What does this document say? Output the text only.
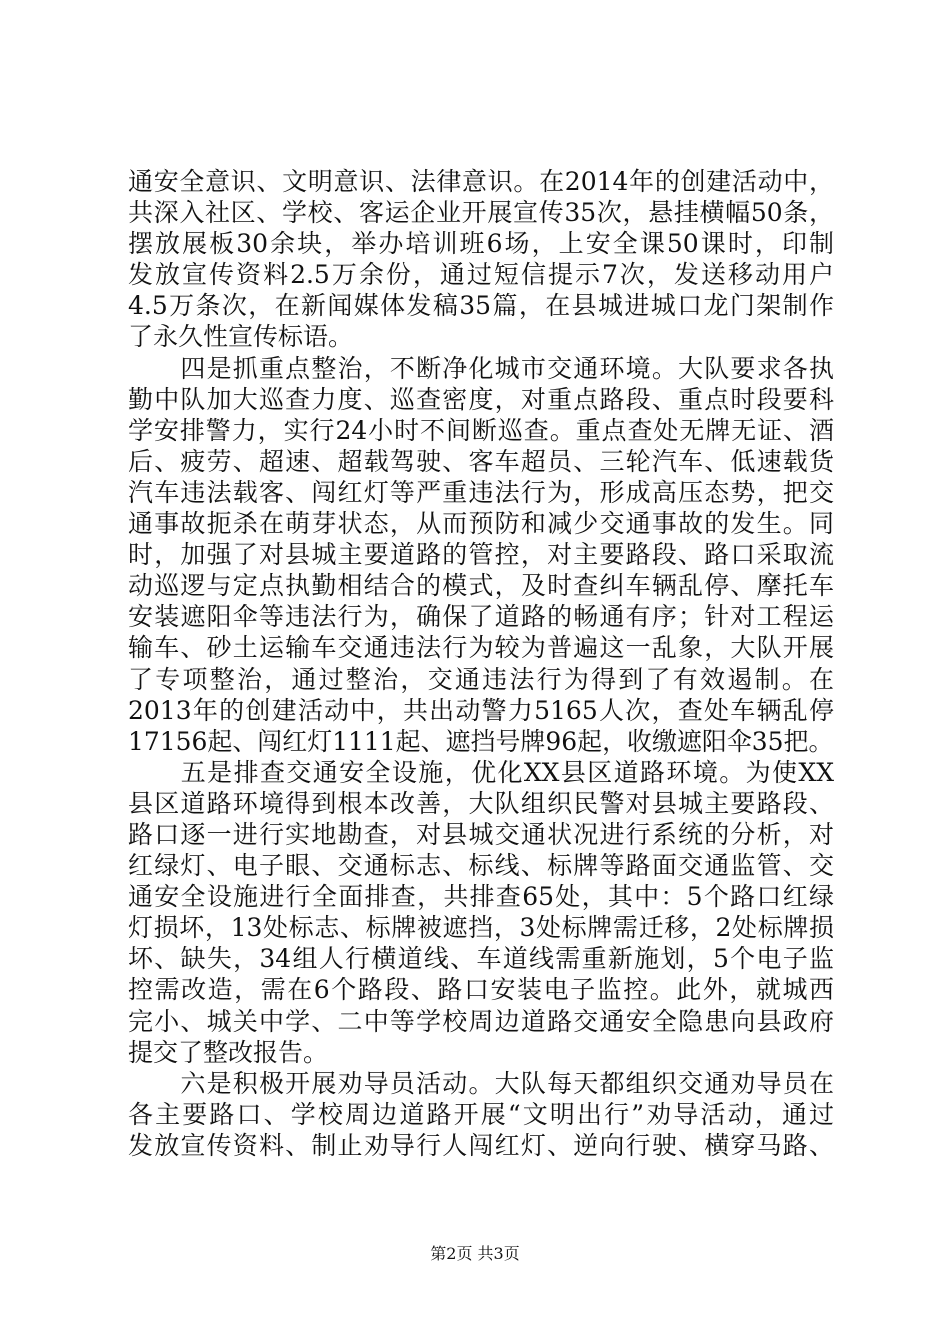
通安全意识、文明意识、法律意识。在2014年的创建活动中，
共深入社区、学校、客运企业开展宣传35次，悬挂横幅50条，
摆放展板30余块，举办培训班6场，上安全课50课时，印制
发放宣传资料2.5万余份，通过短信提示7次，发送移动用户
4.5万条次，在新闻媒体发稿35篇，在县城进城口龙门架制作
了永久性宣传标语。
　　四是抓重点整治，不断净化城市交通环境。大队要求各执
勤中队加大巡查力度、巡查密度，对重点路段、重点时段要科
学安排警力，实行24小时不间断巡查。重点查处无牌无证、酒
后、疲劳、超速、超载驾驶、客车超员、三轮汽车、低速载货
汽车违法载客、闯红灯等严重违法行为，形成高压态势，把交
通事故扼杀在萌芽状态，从而预防和减少交通事故的发生。同
时，加强了对县城主要道路的管控，对主要路段、路口采取流
动巡逻与定点执勤相结合的模式，及时查纠车辆乱停、摩托车
安装遮阳伞等违法行为，确保了道路的畅通有序；针对工程运
输车、砂土运输车交通违法行为较为普遍这一乱象，大队开展
了专项整治，通过整治，交通违法行为得到了有效遏制。在
2013年的创建活动中，共出动警力5165人次，查处车辆乱停
17156起、闯红灯1111起、遮挡号牌96起，收缴遮阳伞35把。
　　五是排查交通安全设施，优化XX县区道路环境。为使XX
县区道路环境得到根本改善，大队组织民警对县城主要路段、
路口逐一进行实地勘查，对县城交通状况进行系统的分析，对
红绿灯、电子眼、交通标志、标线、标牌等路面交通监管、交
通安全设施进行全面排查，共排查65处，其中：5个路口红绿
灯损坏，13处标志、标牌被遮挡，3处标牌需迁移，2处标牌损
坏、缺失，34组人行横道线、车道线需重新施划，5个电子监
控需改造，需在6个路段、路口安装电子监控。此外，就城西
完小、城关中学、二中等学校周边道路交通安全隐患向县政府
提交了整改报告。
　　六是积极开展劝导员活动。大队每天都组织交通劝导员在
各主要路口、学校周边道路开展“文明出行”劝导活动，通过
发放宣传资料、制止劝导行人闯红灯、逆向行驶、横穿马路、
第2页 共3页
